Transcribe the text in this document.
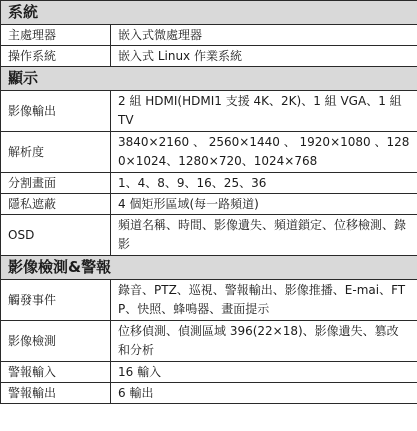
系統	
主處理器	嵌入式微處理器
操作系統	嵌入式 Linux 作業系統
顯示	
影像輸出	2 組 HDMI(HDMI1 支援 4K、2K)、1 組 VGA、1 組 TV
解析度	3840×2160 、 2560×1440 、 1920×1080 、1280×1024、1280×720、1024×768
分割畫面	1、4、8、9、16、25、36
隱私遮蔽	4 個矩形區域(每一路頻道)
OSD	頻道名稱、時間、影像遺失、頻道鎖定、位移檢測、錄影
影像檢測&警報	
觸發事件	錄音、PTZ、巡視、警報輸出、影像推播、E-mai、FTP、快照、蜂鳴器、畫面提示
影像檢測	位移偵測、偵測區域 396(22×18)、影像遺失、篡改和分析
警報輸入	16 輸入
警報輸出	6 輸出
